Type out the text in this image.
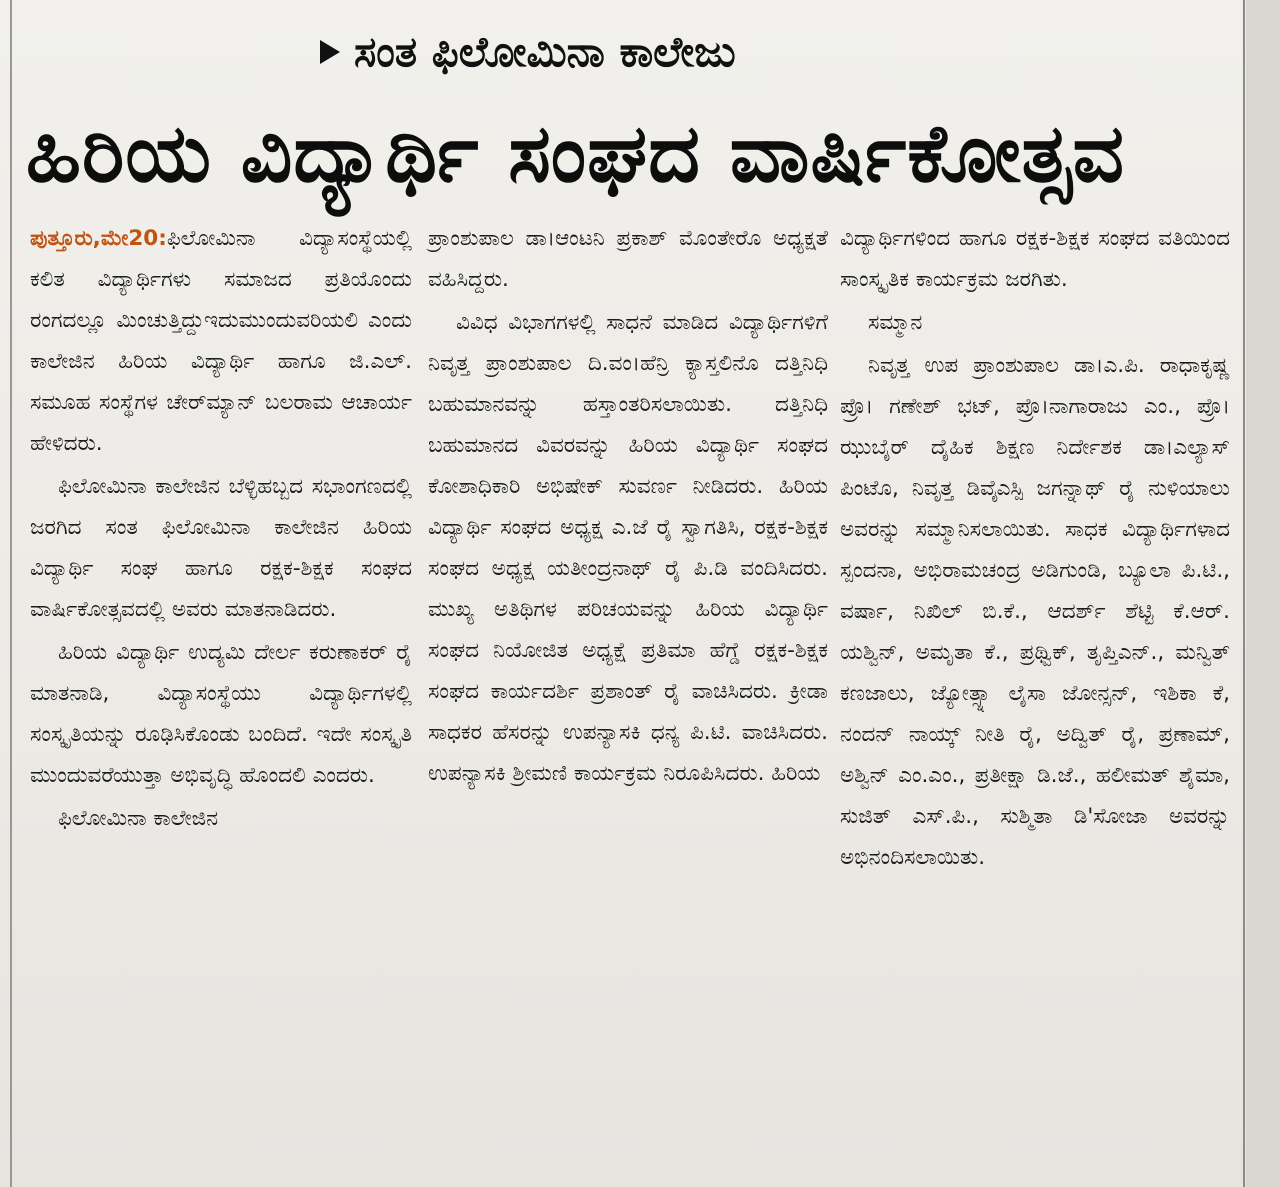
ಸಂತ ಫಿಲೋಮಿನಾ ಕಾಲೇಜು
ಹಿರಿಯ ವಿದ್ಯಾರ್ಥಿ ಸಂಘದ ವಾರ್ಷಿಕೋತ್ಸವ

ಪುತ್ತೂರು,ಮೇ20:ಫಿಲೋಮಿನಾ ವಿದ್ಯಾಸಂಸ್ಥೆಯಲ್ಲಿ ಕಲಿತ ವಿದ್ಯಾರ್ಥಿಗಳು ಸಮಾಜದ ಪ್ರತಿಯೊಂದು ರಂಗದಲ್ಲೂ ಮಿಂಚುತ್ತಿದ್ದುಇದುಮುಂದುವರಿಯಲಿ ಎಂದು ಕಾಲೇಜಿನ ಹಿರಿಯ ವಿದ್ಯಾರ್ಥಿ ಹಾಗೂ ಜಿ.ಎಲ್. ಸಮೂಹ ಸಂಸ್ಥೆಗಳ ಚೇರ್‌ಮ್ಯಾನ್ ಬಲರಾಮ ಆಚಾರ್ಯ ಹೇಳಿದರು.

ಫಿಲೋಮಿನಾ ಕಾಲೇಜಿನ ಬೆಳ್ಳಿಹಬ್ಬದ ಸಭಾಂಗಣದಲ್ಲಿ ಜರಗಿದ ಸಂತ ಫಿಲೋಮಿನಾ ಕಾಲೇಜಿನ ಹಿರಿಯ ವಿದ್ಯಾರ್ಥಿ ಸಂಘ ಹಾಗೂ ರಕ್ಷಕ-ಶಿಕ್ಷಕ ಸಂಘದ ವಾರ್ಷಿಕೋತ್ಸವದಲ್ಲಿ ಅವರು ಮಾತನಾಡಿದರು.

ಹಿರಿಯ ವಿದ್ಯಾರ್ಥಿ ಉದ್ಯಮಿ ದೇರ್ಲ ಕರುಣಾಕರ್ ರೈ ಮಾತನಾಡಿ, ವಿದ್ಯಾಸಂಸ್ಥೆಯು ವಿದ್ಯಾರ್ಥಿಗಳಲ್ಲಿ ಸಂಸ್ಕೃತಿಯನ್ನು ರೂಢಿಸಿಕೊಂಡು ಬಂದಿದೆ. ಇದೇ ಸಂಸ್ಕೃತಿ ಮುಂದುವರೆಯುತ್ತಾ ಅಭಿವೃದ್ಧಿ ಹೊಂದಲಿ ಎಂದರು.

ಫಿಲೋಮಿನಾ ಕಾಲೇಜಿನ

ಪ್ರಾಂಶುಪಾಲ ಡಾ।ಆಂಟನಿ ಪ್ರಕಾಶ್ ಮೊಂತೇರೊ ಅಧ್ಯಕ್ಷತೆ ವಹಿಸಿದ್ದರು.

ವಿವಿಧ ವಿಭಾಗಗಳಲ್ಲಿ ಸಾಧನೆ ಮಾಡಿದ ವಿದ್ಯಾರ್ಥಿಗಳಿಗೆ ನಿವೃತ್ತ ಪ್ರಾಂಶುಪಾಲ ದಿ.ವಂ।ಹೆನ್ರಿ ಕ್ಯಾಸ್ತಲಿನೊ ದತ್ತಿನಿಧಿ ಬಹುಮಾನವನ್ನು ಹಸ್ತಾಂತರಿಸಲಾಯಿತು. ದತ್ತಿನಿಧಿ ಬಹುಮಾನದ ವಿವರವನ್ನು ಹಿರಿಯ ವಿದ್ಯಾರ್ಥಿ ಸಂಘದ ಕೋಶಾಧಿಕಾರಿ ಅಭಿಷೇಕ್ ಸುವರ್ಣ ನೀಡಿದರು. ಹಿರಿಯ ವಿದ್ಯಾರ್ಥಿ ಸಂಘದ ಅಧ್ಯಕ್ಷ ಎ.ಜೆ ರೈ ಸ್ವಾಗತಿಸಿ, ರಕ್ಷಕ-ಶಿಕ್ಷಕ ಸಂಘದ ಅಧ್ಯಕ್ಷ ಯತೀಂದ್ರನಾಥ್ ರೈ ಪಿ.ಡಿ ವಂದಿಸಿದರು. ಮುಖ್ಯ ಅತಿಥಿಗಳ ಪರಿಚಯವನ್ನು ಹಿರಿಯ ವಿದ್ಯಾರ್ಥಿ ಸಂಘದ ನಿಯೋಜಿತ ಅಧ್ಯಕ್ಷೆ ಪ್ರತಿಮಾ ಹೆಗ್ಡೆ ರಕ್ಷಕ-ಶಿಕ್ಷಕ ಸಂಘದ ಕಾರ್ಯದರ್ಶಿ ಪ್ರಶಾಂತ್ ರೈ ವಾಚಿಸಿದರು. ಕ್ರೀಡಾ ಸಾಧಕರ ಹೆಸರನ್ನು ಉಪನ್ಯಾಸಕಿ ಧನ್ಯ ಪಿ.ಟಿ. ವಾಚಿಸಿದರು. ಉಪನ್ಯಾಸಕಿ ಶ್ರೀಮಣಿ ಕಾರ್ಯಕ್ರಮ ನಿರೂಪಿಸಿದರು. ಹಿರಿಯ

ವಿದ್ಯಾರ್ಥಿಗಳಿಂದ ಹಾಗೂ ರಕ್ಷಕ-ಶಿಕ್ಷಕ ಸಂಘದ ವತಿಯಿಂದ ಸಾಂಸ್ಕೃತಿಕ ಕಾರ್ಯಕ್ರಮ ಜರಗಿತು.

ಸಮ್ಮಾನ

ನಿವೃತ್ತ ಉಪ ಪ್ರಾಂಶುಪಾಲ ಡಾ।ಎ.ಪಿ. ರಾಧಾಕೃಷ್ಣ ಪ್ರೊ। ಗಣೇಶ್ ಭಟ್, ಪ್ರೊ।ನಾಗಾರಾಜು ಎಂ., ಪ್ರೊ। ಝುಬೈರ್ ದೈಹಿಕ ಶಿಕ್ಷಣ ನಿರ್ದೇಶಕ ಡಾ।ಎಲ್ಯಾಸ್ ಪಿಂಟೊ, ನಿವೃತ್ತ ಡಿವೈಎಸ್ಪಿ ಜಗನ್ನಾಥ್ ರೈ ನುಳಿಯಾಲು ಅವರನ್ನು ಸಮ್ಮಾನಿಸಲಾಯಿತು. ಸಾಧಕ ವಿದ್ಯಾರ್ಥಿಗಳಾದ ಸ್ಪಂದನಾ, ಅಭಿರಾಮಚಂದ್ರ ಅಡಿಗುಂಡಿ, ಬ್ಯೂಲಾ ಪಿ.ಟಿ., ವರ್ಷಾ, ನಿಖಿಲ್ ಬಿ.ಕೆ., ಆದರ್ಶ್ ಶೆಟ್ಟಿ ಕೆ.ಆರ್. ಯಶ್ವಿನ್, ಅಮೃತಾ ಕೆ., ಪ್ರಥ್ವಿಕ್, ತೃಪ್ತಿಎನ್., ಮನ್ವಿತ್ ಕಣಜಾಲು, ಜ್ಯೋತ್ಸ್ನಾ ಲೈಸಾ ಜೋನ್ಸನ್, ಇಶಿಕಾ ಕೆ, ನಂದನ್ ನಾಯ್ಕ್ ನೀತಿ ರೈ, ಅದ್ವಿತ್ ರೈ, ಪ್ರಣಾಮ್, ಅಶ್ವಿನ್ ಎಂ.ಎಂ., ಪ್ರತೀಕ್ಷಾ ಡಿ.ಜೆ., ಹಲೀಮತ್ ಶೈಮಾ, ಸುಜಿತ್ ಎಸ್.ಪಿ., ಸುಶ್ಮಿತಾ ಡಿ'ಸೋಜಾ ಅವರನ್ನು ಅಭಿನಂದಿಸಲಾಯಿತು.
